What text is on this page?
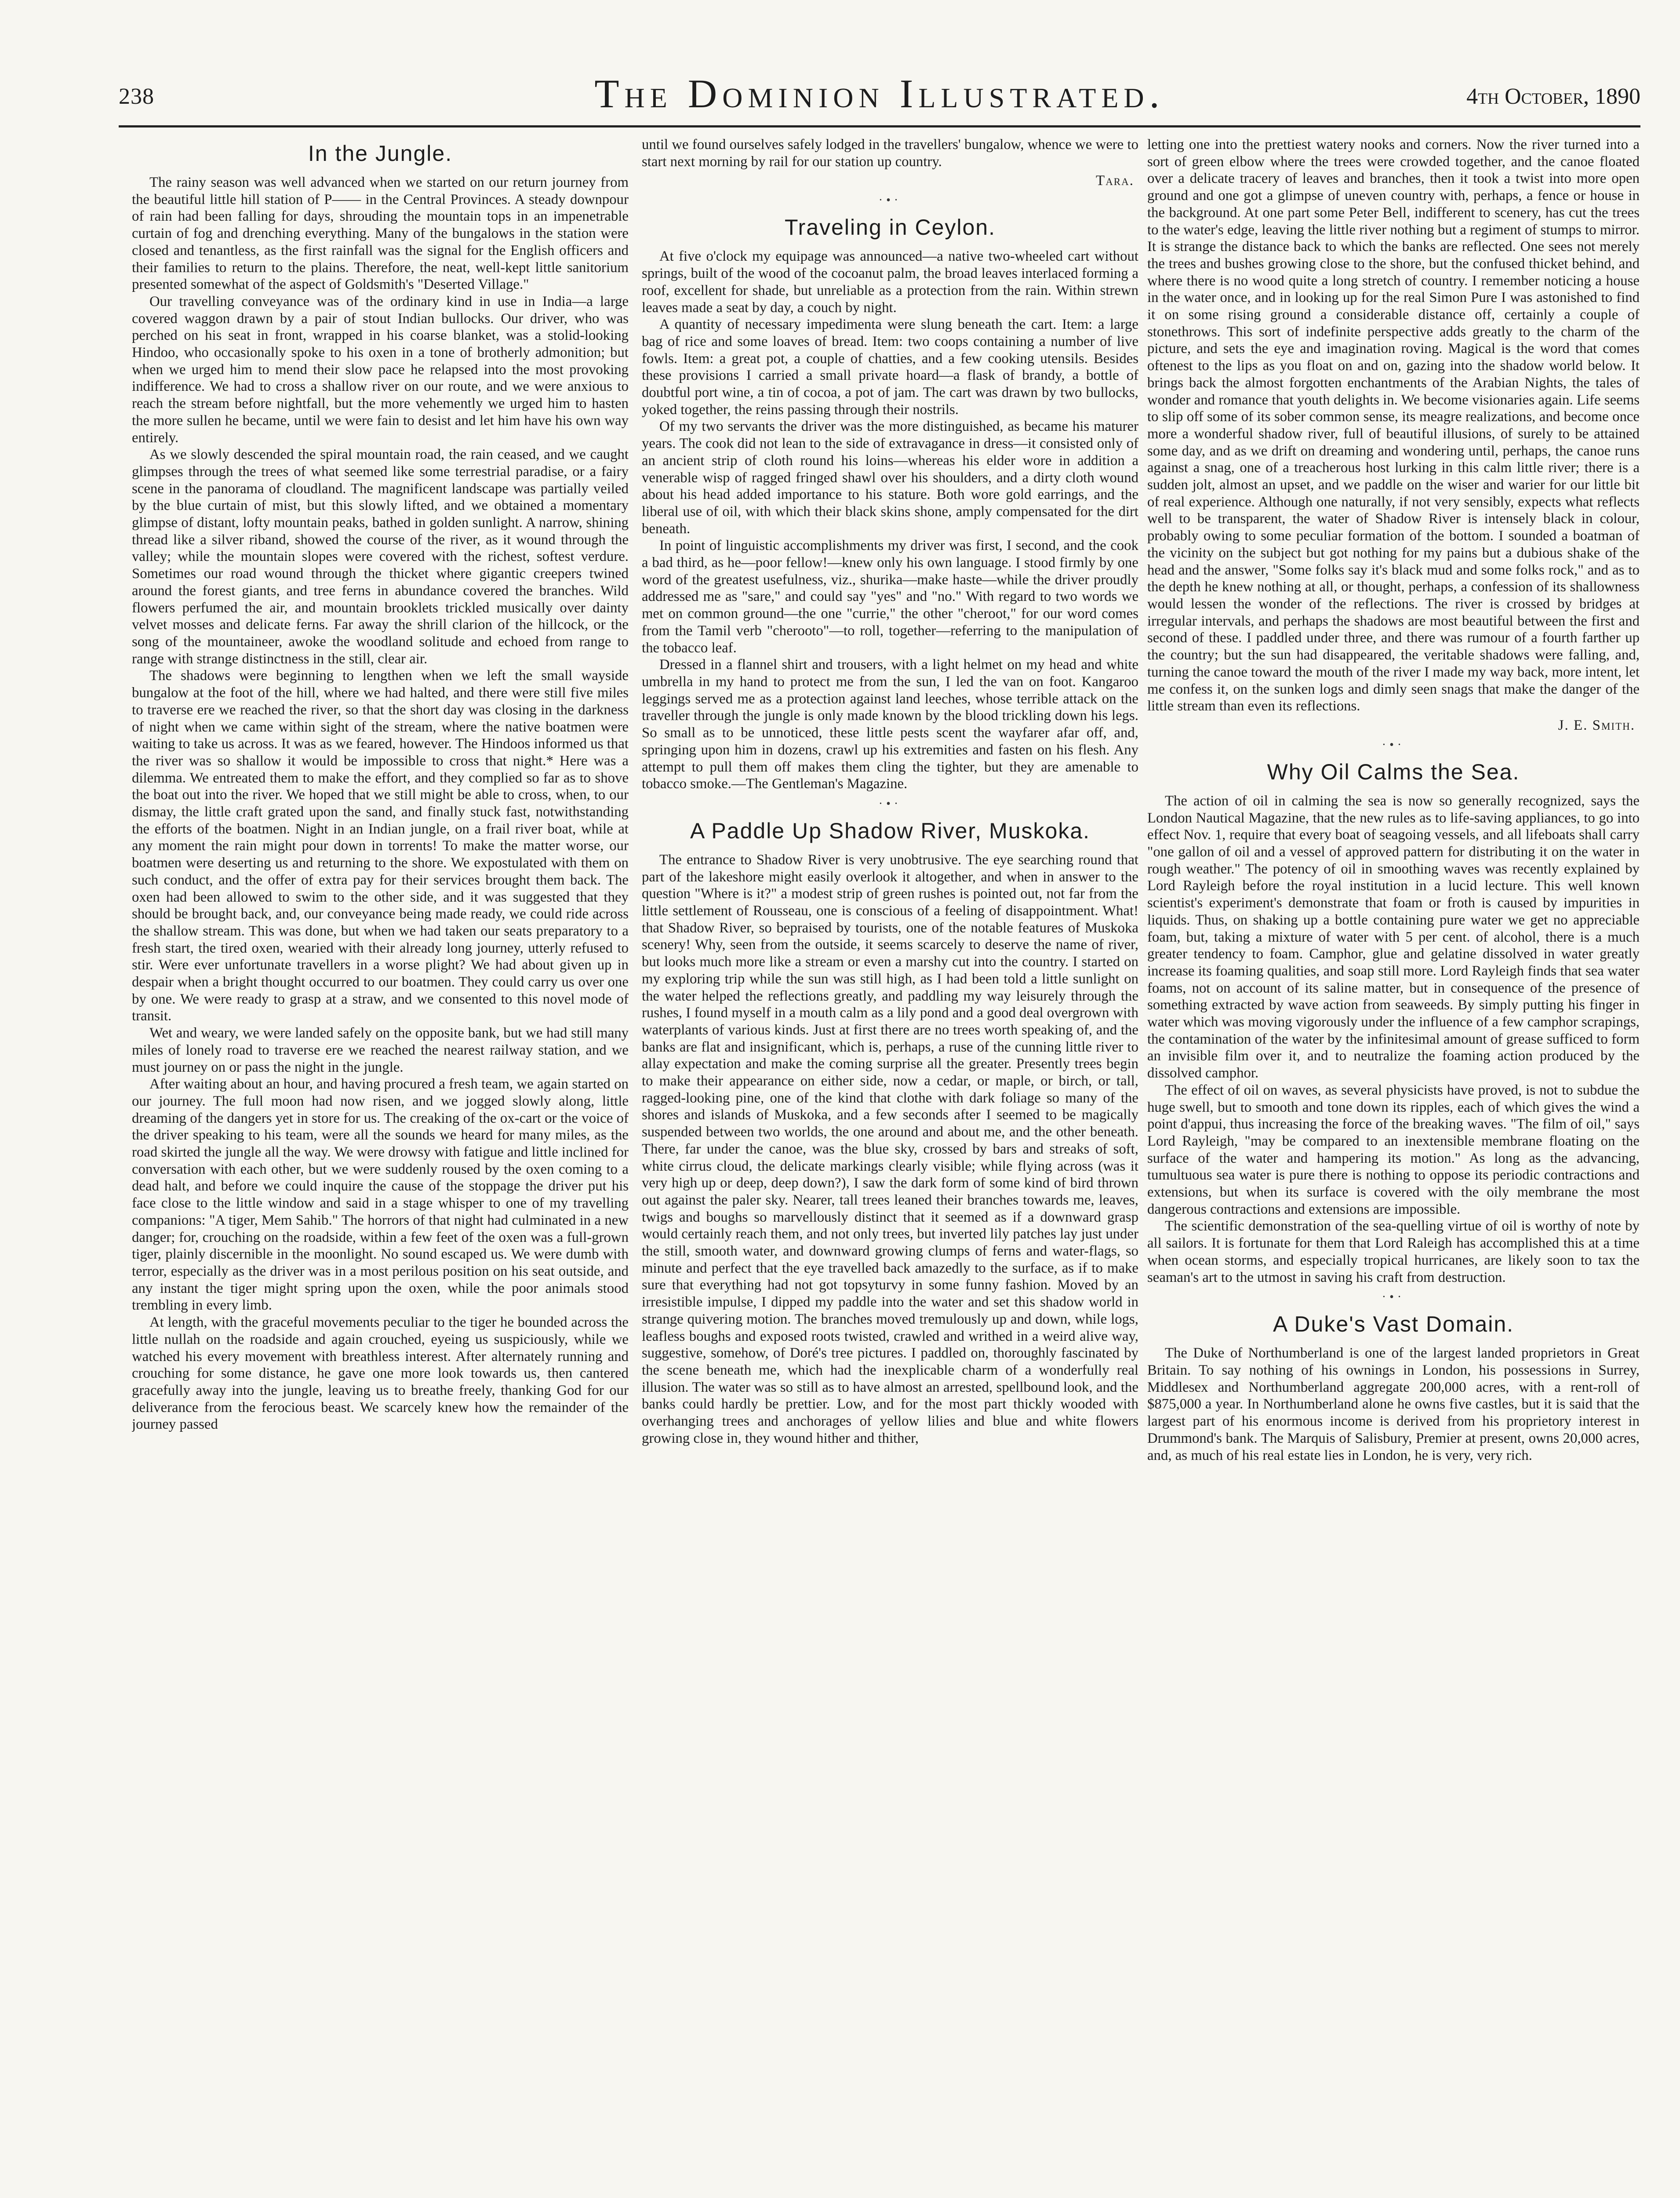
238	The Dominion Illustrated.	4th October, 1890
In the Jungle.

The rainy season was well advanced when we started on our return journey from the beautiful little hill station of P—— in the Central Provinces. A steady downpour of rain had been falling for days, shrouding the mountain tops in an impenetrable curtain of fog and drenching everything. Many of the bungalows in the station were closed and tenantless, as the first rainfall was the signal for the English officers and their families to return to the plains. Therefore, the neat, well-kept little sanitorium presented somewhat of the aspect of Goldsmith's "Deserted Village."

Our travelling conveyance was of the ordinary kind in use in India—a large covered waggon drawn by a pair of stout Indian bullocks. Our driver, who was perched on his seat in front, wrapped in his coarse blanket, was a stolid-looking Hindoo, who occasionally spoke to his oxen in a tone of brotherly admonition; but when we urged him to mend their slow pace he relapsed into the most provoking indifference. We had to cross a shallow river on our route, and we were anxious to reach the stream before nightfall, but the more vehemently we urged him to hasten the more sullen he became, until we were fain to desist and let him have his own way entirely.

As we slowly descended the spiral mountain road, the rain ceased, and we caught glimpses through the trees of what seemed like some terrestrial paradise, or a fairy scene in the panorama of cloudland. The magnificent landscape was partially veiled by the blue curtain of mist, but this slowly lifted, and we obtained a momentary glimpse of distant, lofty mountain peaks, bathed in golden sunlight. A narrow, shining thread like a silver riband, showed the course of the river, as it wound through the valley; while the mountain slopes were covered with the richest, softest verdure. Sometimes our road wound through the thicket where gigantic creepers twined around the forest giants, and tree ferns in abundance covered the branches. Wild flowers perfumed the air, and mountain brooklets trickled musically over dainty velvet mosses and delicate ferns. Far away the shrill clarion of the hillcock, or the song of the mountaineer, awoke the woodland solitude and echoed from range to range with strange distinctness in the still, clear air.

The shadows were beginning to lengthen when we left the small wayside bungalow at the foot of the hill, where we had halted, and there were still five miles to traverse ere we reached the river, so that the short day was closing in the darkness of night when we came within sight of the stream, where the native boatmen were waiting to take us across. It was as we feared, however. The Hindoos informed us that the river was so shallow it would be impossible to cross that night.* Here was a dilemma. We entreated them to make the effort, and they complied so far as to shove the boat out into the river. We hoped that we still might be able to cross, when, to our dismay, the little craft grated upon the sand, and finally stuck fast, notwithstanding the efforts of the boatmen. Night in an Indian jungle, on a frail river boat, while at any moment the rain might pour down in torrents! To make the matter worse, our boatmen were deserting us and returning to the shore. We expostulated with them on such conduct, and the offer of extra pay for their services brought them back. The oxen had been allowed to swim to the other side, and it was suggested that they should be brought back, and, our conveyance being made ready, we could ride across the shallow stream. This was done, but when we had taken our seats preparatory to a fresh start, the tired oxen, wearied with their already long journey, utterly refused to stir. Were ever unfortunate travellers in a worse plight? We had about given up in despair when a bright thought occurred to our boatmen. They could carry us over one by one. We were ready to grasp at a straw, and we consented to this novel mode of transit.

Wet and weary, we were landed safely on the opposite bank, but we had still many miles of lonely road to traverse ere we reached the nearest railway station, and we must journey on or pass the night in the jungle.

After waiting about an hour, and having procured a fresh team, we again started on our journey. The full moon had now risen, and we jogged slowly along, little dreaming of the dangers yet in store for us. The creaking of the ox-cart or the voice of the driver speaking to his team, were all the sounds we heard for many miles, as the road skirted the jungle all the way. We were drowsy with fatigue and little inclined for conversation with each other, but we were suddenly roused by the oxen coming to a dead halt, and before we could inquire the cause of the stoppage the driver put his face close to the little window and said in a stage whisper to one of my travelling companions: "A tiger, Mem Sahib." The horrors of that night had culminated in a new danger; for, crouching on the roadside, within a few feet of the oxen was a full-grown tiger, plainly discernible in the moonlight. No sound escaped us. We were dumb with terror, especially as the driver was in a most perilous position on his seat outside, and any instant the tiger might spring upon the oxen, while the poor animals stood trembling in every limb.

At length, with the graceful movements peculiar to the tiger he bounded across the little nullah on the roadside and again crouched, eyeing us suspiciously, while we watched his every movement with breathless interest. After alternately running and crouching for some distance, he gave one more look towards us, then cantered gracefully away into the jungle, leaving us to breathe freely, thanking God for our deliverance from the ferocious beast. We scarcely knew how the remainder of the journey passed

until we found ourselves safely lodged in the travellers' bungalow, whence we were to start next morning by rail for our station up country.

Tara.
·•·
Traveling in Ceylon.

At five o'clock my equipage was announced—a native two-wheeled cart without springs, built of the wood of the cocoanut palm, the broad leaves interlaced forming a roof, excellent for shade, but unreliable as a protection from the rain. Within strewn leaves made a seat by day, a couch by night.

A quantity of necessary impedimenta were slung beneath the cart. Item: a large bag of rice and some loaves of bread. Item: two coops containing a number of live fowls. Item: a great pot, a couple of chatties, and a few cooking utensils. Besides these provisions I carried a small private hoard—a flask of brandy, a bottle of doubtful port wine, a tin of cocoa, a pot of jam. The cart was drawn by two bullocks, yoked together, the reins passing through their nostrils.

Of my two servants the driver was the more distinguished, as became his maturer years. The cook did not lean to the side of extravagance in dress—it consisted only of an ancient strip of cloth round his loins—whereas his elder wore in addition a venerable wisp of ragged fringed shawl over his shoulders, and a dirty cloth wound about his head added importance to his stature. Both wore gold earrings, and the liberal use of oil, with which their black skins shone, amply compensated for the dirt beneath.

In point of linguistic accomplishments my driver was first, I second, and the cook a bad third, as he—poor fellow!—knew only his own language. I stood firmly by one word of the greatest usefulness, viz., shurika—make haste—while the driver proudly addressed me as "sare," and could say "yes" and "no." With regard to two words we met on common ground—the one "currie," the other "cheroot," for our word comes from the Tamil verb "cherooto"—to roll, together—referring to the manipulation of the tobacco leaf.

Dressed in a flannel shirt and trousers, with a light helmet on my head and white umbrella in my hand to protect me from the sun, I led the van on foot. Kangaroo leggings served me as a protection against land leeches, whose terrible attack on the traveller through the jungle is only made known by the blood trickling down his legs. So small as to be unnoticed, these little pests scent the wayfarer afar off, and, springing upon him in dozens, crawl up his extremities and fasten on his flesh. Any attempt to pull them off makes them cling the tighter, but they are amenable to tobacco smoke.—The Gentleman's Magazine.

·•·
A Paddle Up Shadow River, Muskoka.

The entrance to Shadow River is very unobtrusive. The eye searching round that part of the lakeshore might easily overlook it altogether, and when in answer to the question "Where is it?" a modest strip of green rushes is pointed out, not far from the little settlement of Rousseau, one is conscious of a feeling of disappointment. What! that Shadow River, so bepraised by tourists, one of the notable features of Muskoka scenery! Why, seen from the outside, it seems scarcely to deserve the name of river, but looks much more like a stream or even a marshy cut into the country. I started on my exploring trip while the sun was still high, as I had been told a little sunlight on the water helped the reflections greatly, and paddling my way leisurely through the rushes, I found myself in a mouth calm as a lily pond and a good deal overgrown with waterplants of various kinds. Just at first there are no trees worth speaking of, and the banks are flat and insignificant, which is, perhaps, a ruse of the cunning little river to allay expectation and make the coming surprise all the greater. Presently trees begin to make their appearance on either side, now a cedar, or maple, or birch, or tall, ragged-looking pine, one of the kind that clothe with dark foliage so many of the shores and islands of Muskoka, and a few seconds after I seemed to be magically suspended between two worlds, the one around and about me, and the other beneath. There, far under the canoe, was the blue sky, crossed by bars and streaks of soft, white cirrus cloud, the delicate markings clearly visible; while flying across (was it very high up or deep, deep down?), I saw the dark form of some kind of bird thrown out against the paler sky. Nearer, tall trees leaned their branches towards me, leaves, twigs and boughs so marvellously distinct that it seemed as if a downward grasp would certainly reach them, and not only trees, but inverted lily patches lay just under the still, smooth water, and downward growing clumps of ferns and water-flags, so minute and perfect that the eye travelled back amazedly to the surface, as if to make sure that everything had not got topsyturvy in some funny fashion. Moved by an irresistible impulse, I dipped my paddle into the water and set this shadow world in strange quivering motion. The branches moved tremulously up and down, while logs, leafless boughs and exposed roots twisted, crawled and writhed in a weird alive way, suggestive, somehow, of Doré's tree pictures. I paddled on, thoroughly fascinated by the scene beneath me, which had the inexplicable charm of a wonderfully real illusion. The water was so still as to have almost an arrested, spellbound look, and the banks could hardly be prettier. Low, and for the most part thickly wooded with overhanging trees and anchorages of yellow lilies and blue and white flowers growing close in, they wound hither and thither,

letting one into the prettiest watery nooks and corners. Now the river turned into a sort of green elbow where the trees were crowded together, and the canoe floated over a delicate tracery of leaves and branches, then it took a twist into more open ground and one got a glimpse of uneven country with, perhaps, a fence or house in the background. At one part some Peter Bell, indifferent to scenery, has cut the trees to the water's edge, leaving the little river nothing but a regiment of stumps to mirror. It is strange the distance back to which the banks are reflected. One sees not merely the trees and bushes growing close to the shore, but the confused thicket behind, and where there is no wood quite a long stretch of country. I remember noticing a house in the water once, and in looking up for the real Simon Pure I was astonished to find it on some rising ground a considerable distance off, certainly a couple of stonethrows. This sort of indefinite perspective adds greatly to the charm of the picture, and sets the eye and imagination roving. Magical is the word that comes oftenest to the lips as you float on and on, gazing into the shadow world below. It brings back the almost forgotten enchantments of the Arabian Nights, the tales of wonder and romance that youth delights in. We become visionaries again. Life seems to slip off some of its sober common sense, its meagre realizations, and become once more a wonderful shadow river, full of beautiful illusions, of surely to be attained some day, and as we drift on dreaming and wondering until, perhaps, the canoe runs against a snag, one of a treacherous host lurking in this calm little river; there is a sudden jolt, almost an upset, and we paddle on the wiser and warier for our little bit of real experience. Although one naturally, if not very sensibly, expects what reflects well to be transparent, the water of Shadow River is intensely black in colour, probably owing to some peculiar formation of the bottom. I sounded a boatman of the vicinity on the subject but got nothing for my pains but a dubious shake of the head and the answer, "Some folks say it's black mud and some folks rock," and as to the depth he knew nothing at all, or thought, perhaps, a confession of its shallowness would lessen the wonder of the reflections. The river is crossed by bridges at irregular intervals, and perhaps the shadows are most beautiful between the first and second of these. I paddled under three, and there was rumour of a fourth farther up the country; but the sun had disappeared, the veritable shadows were falling, and, turning the canoe toward the mouth of the river I made my way back, more intent, let me confess it, on the sunken logs and dimly seen snags that make the danger of the little stream than even its reflections.

J. E. Smith.
·•·
Why Oil Calms the Sea.

The action of oil in calming the sea is now so generally recognized, says the London Nautical Magazine, that the new rules as to life-saving appliances, to go into effect Nov. 1, require that every boat of seagoing vessels, and all lifeboats shall carry "one gallon of oil and a vessel of approved pattern for distributing it on the water in rough weather." The potency of oil in smoothing waves was recently explained by Lord Rayleigh before the royal institution in a lucid lecture. This well known scientist's experiment's demonstrate that foam or froth is caused by impurities in liquids. Thus, on shaking up a bottle containing pure water we get no appreciable foam, but, taking a mixture of water with 5 per cent. of alcohol, there is a much greater tendency to foam. Camphor, glue and gelatine dissolved in water greatly increase its foaming qualities, and soap still more. Lord Rayleigh finds that sea water foams, not on account of its saline matter, but in consequence of the presence of something extracted by wave action from seaweeds. By simply putting his finger in water which was moving vigorously under the influence of a few camphor scrapings, the contamination of the water by the infinitesimal amount of grease sufficed to form an invisible film over it, and to neutralize the foaming action produced by the dissolved camphor.

The effect of oil on waves, as several physicists have proved, is not to subdue the huge swell, but to smooth and tone down its ripples, each of which gives the wind a point d'appui, thus increasing the force of the breaking waves. "The film of oil," says Lord Rayleigh, "may be compared to an inextensible membrane floating on the surface of the water and hampering its motion." As long as the advancing, tumultuous sea water is pure there is nothing to oppose its periodic contractions and extensions, but when its surface is covered with the oily membrane the most dangerous contractions and extensions are impossible.

The scientific demonstration of the sea-quelling virtue of oil is worthy of note by all sailors. It is fortunate for them that Lord Raleigh has accomplished this at a time when ocean storms, and especially tropical hurricanes, are likely soon to tax the seaman's art to the utmost in saving his craft from destruction.

·•·
A Duke's Vast Domain.

The Duke of Northumberland is one of the largest landed proprietors in Great Britain. To say nothing of his ownings in London, his possessions in Surrey, Middlesex and Northumberland aggregate 200,000 acres, with a rent-roll of $875,000 a year. In Northumberland alone he owns five castles, but it is said that the largest part of his enormous income is derived from his proprietory interest in Drummond's bank. The Marquis of Salisbury, Premier at present, owns 20,000 acres, and, as much of his real estate lies in London, he is very, very rich.
